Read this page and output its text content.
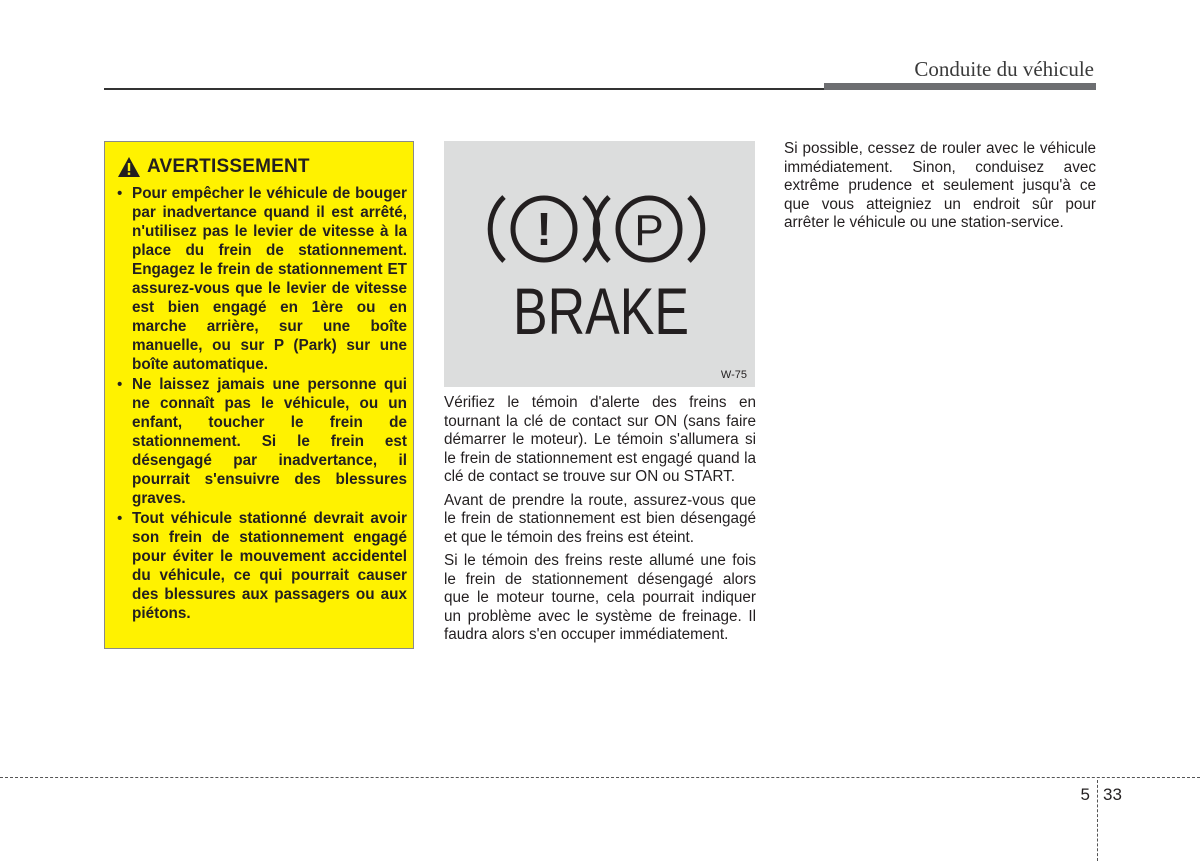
Conduite du véhicule
AVERTISSEMENT
• Pour empêcher le véhicule de bouger par inadvertance quand il est arrêté, n'utilisez pas le levier de vitesse à la place du frein de stationnement. Engagez le frein de stationnement ET assurez-vous que le levier de vitesse est bien engagé en 1ère ou en marche arrière, sur une boîte manuelle, ou sur P (Park) sur une boîte automatique.
• Ne laissez jamais une personne qui ne connaît pas le véhicule, ou un enfant, toucher le frein de stationnement. Si le frein est désengagé par inadvertance, il pourrait s'ensuivre des blessures graves.
• Tout véhicule stationné devrait avoir son frein de stationnement engagé pour éviter le mouvement accidentel du véhicule, ce qui pourrait causer des blessures aux passagers ou aux piétons.
! P
BRAKE
W-75

Vérifiez le témoin d'alerte des freins en tournant la clé de contact sur ON (sans faire démarrer le moteur). Le témoin s'allumera si le frein de stationnement est engagé quand la clé de contact se trouve sur ON ou START.

Avant de prendre la route, assurez-vous que le frein de stationnement est bien désengagé et que le témoin des freins est éteint.

Si le témoin des freins reste allumé une fois le frein de stationnement désengagé alors que le moteur tourne, cela pourrait indiquer un problème avec le système de freinage. Il faudra alors s'en occuper immédiatement.

Si possible, cessez de rouler avec le véhicule immédiatement. Sinon, conduisez avec extrême prudence et seulement jusqu'à ce que vous atteigniez un endroit sûr pour arrêter le véhicule ou une station-service.

5 33
